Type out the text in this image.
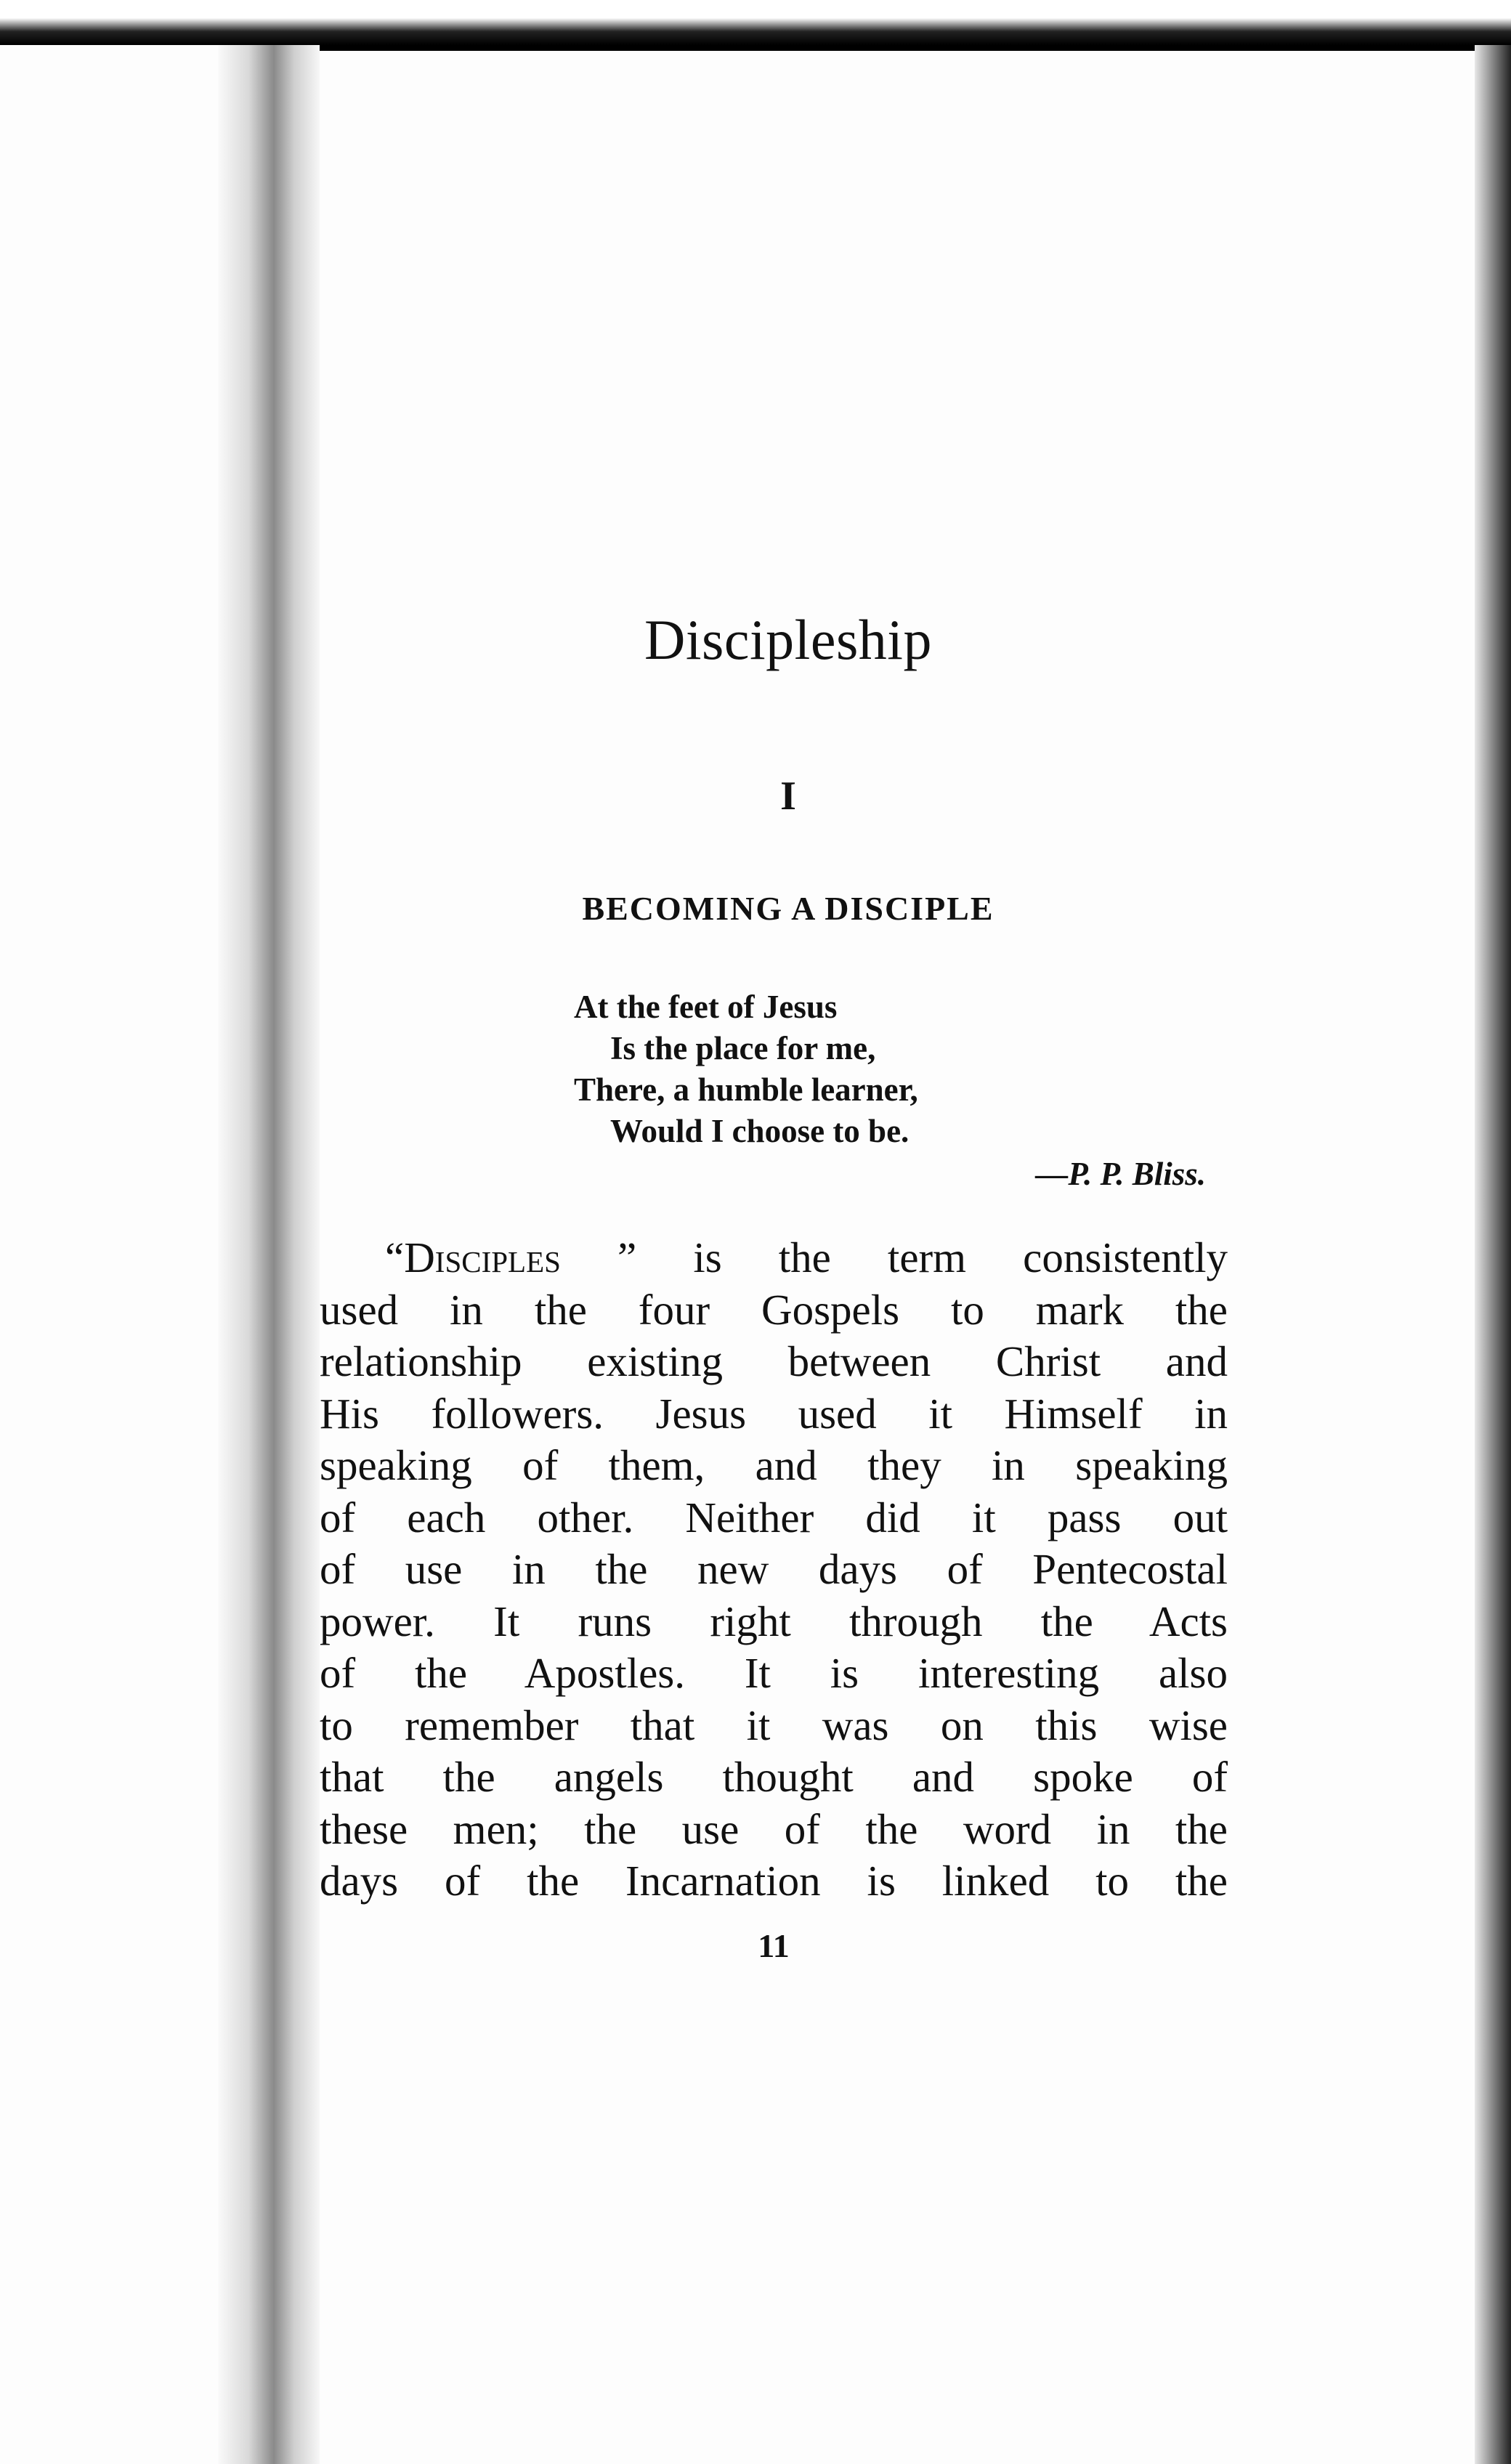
Discipleship
I
BECOMING A DISCIPLE
At the feet of Jesus
Is the place for me,
There, a humble learner,
Would I choose to be.
—P. P. Bliss.
“Disciples ” is the term consistently
used in the four Gospels to mark the
relationship existing between Christ and
His followers. Jesus used it Himself in
speaking of them, and they in speaking
of each other. Neither did it pass out
of use in the new days of Pentecostal
power. It runs right through the Acts
of the Apostles. It is interesting also
to remember that it was on this wise
that the angels thought and spoke of
these men; the use of the word in the
days of the Incarnation is linked to the
11
